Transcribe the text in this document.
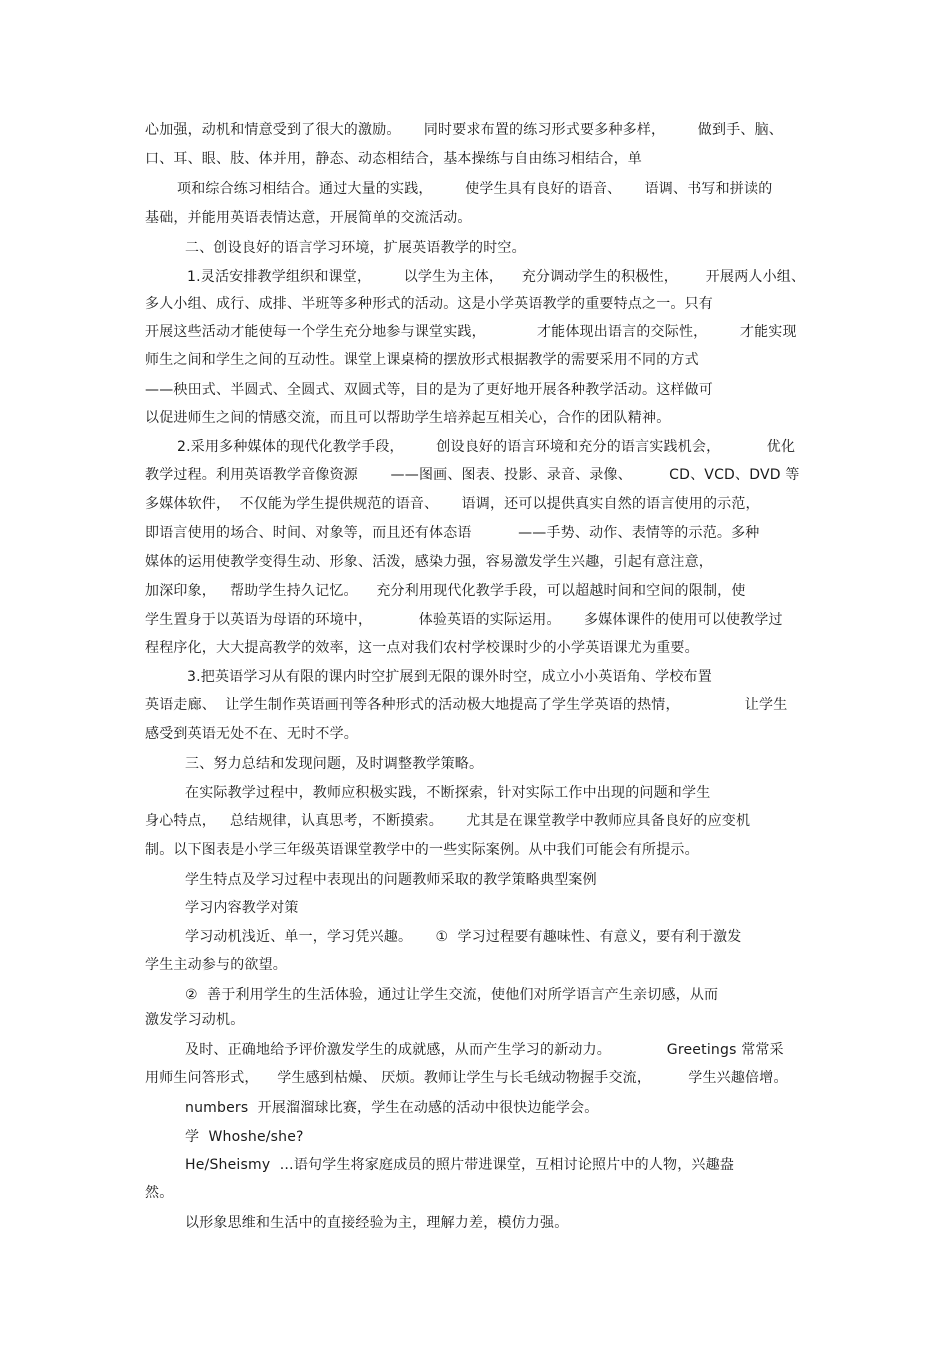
心加强，动机和情意受到了很大的激励。     同时要求布置的练习形式要多种多样，       做到手、脑、
口、耳、眼、肢、体并用，静态、动态相结合，基本操练与自由练习相结合，单
项和综合练习相结合。通过大量的实践，       使学生具有良好的语音、     语调、书写和拼读的
基础，并能用英语表情达意，开展简单的交流活动。
二、创设良好的语言学习环境，扩展英语教学的时空。
1.灵活安排教学组织和课堂，       以学生为主体，    充分调动学生的积极性，      开展两人小组、
多人小组、成行、成排、半班等多种形式的活动。这是小学英语教学的重要特点之一。只有
开展这些活动才能使每一个学生充分地参与课堂实践，           才能体现出语言的交际性，       才能实现
师生之间和学生之间的互动性。课堂上课桌椅的摆放形式根据教学的需要采用不同的方式
——秧田式、半圆式、全圆式、双圆式等，目的是为了更好地开展各种教学活动。这样做可
以促进师生之间的情感交流，而且可以帮助学生培养起互相关心，合作的团队精神。
2.采用多种媒体的现代化教学手段，       创设良好的语言环境和充分的语言实践机会，          优化
教学过程。利用英语教学音像资源       ——图画、图表、投影、录音、录像、        CD、VCD、DVD 等
多媒体软件，  不仅能为学生提供规范的语音、     语调，还可以提供真实自然的语言使用的示范，
即语言使用的场合、时间、对象等，而且还有体态语          ——手势、动作、表情等的示范。多种
媒体的运用使教学变得生动、形象、活泼，感染力强，容易激发学生兴趣，引起有意注意，
加深印象，   帮助学生持久记忆。    充分利用现代化教学手段，可以超越时间和空间的限制，使
学生置身于以英语为母语的环境中，          体验英语的实际运用。     多媒体课件的使用可以使教学过
程程序化，大大提高教学的效率，这一点对我们农村学校课时少的小学英语课尤为重要。
3.把英语学习从有限的课内时空扩展到无限的课外时空，成立小小英语角、学校布置
英语走廊、  让学生制作英语画刊等各种形式的活动极大地提高了学生学英语的热情，              让学生
感受到英语无处不在、无时不学。
三、努力总结和发现问题，及时调整教学策略。
在实际教学过程中，教师应积极实践，不断探索，针对实际工作中出现的问题和学生
身心特点，   总结规律，认真思考，不断摸索。     尤其是在课堂教学中教师应具备良好的应变机
制。以下图表是小学三年级英语课堂教学中的一些实际案例。从中我们可能会有所提示。
学生特点及学习过程中表现出的问题教师采取的教学策略典型案例
学习内容教学对策
学习动机浅近、单一，学习凭兴趣。     ①  学习过程要有趣味性、有意义，要有利于激发
学生主动参与的欲望。
②  善于利用学生的生活体验，通过让学生交流，使他们对所学语言产生亲切感，从而
激发学习动机。
及时、正确地给予评价激发学生的成就感，从而产生学习的新动力。            Greetings 常常采
用师生问答形式，    学生感到枯燥、 厌烦。教师让学生与长毛绒动物握手交流，        学生兴趣倍增。
numbers  开展溜溜球比赛，学生在动感的活动中很快边能学会。
学  Whoshe/she?
He/Sheismy  …语句学生将家庭成员的照片带进课堂，互相讨论照片中的人物，兴趣盎
然。
以形象思维和生活中的直接经验为主，理解力差，模仿力强。
